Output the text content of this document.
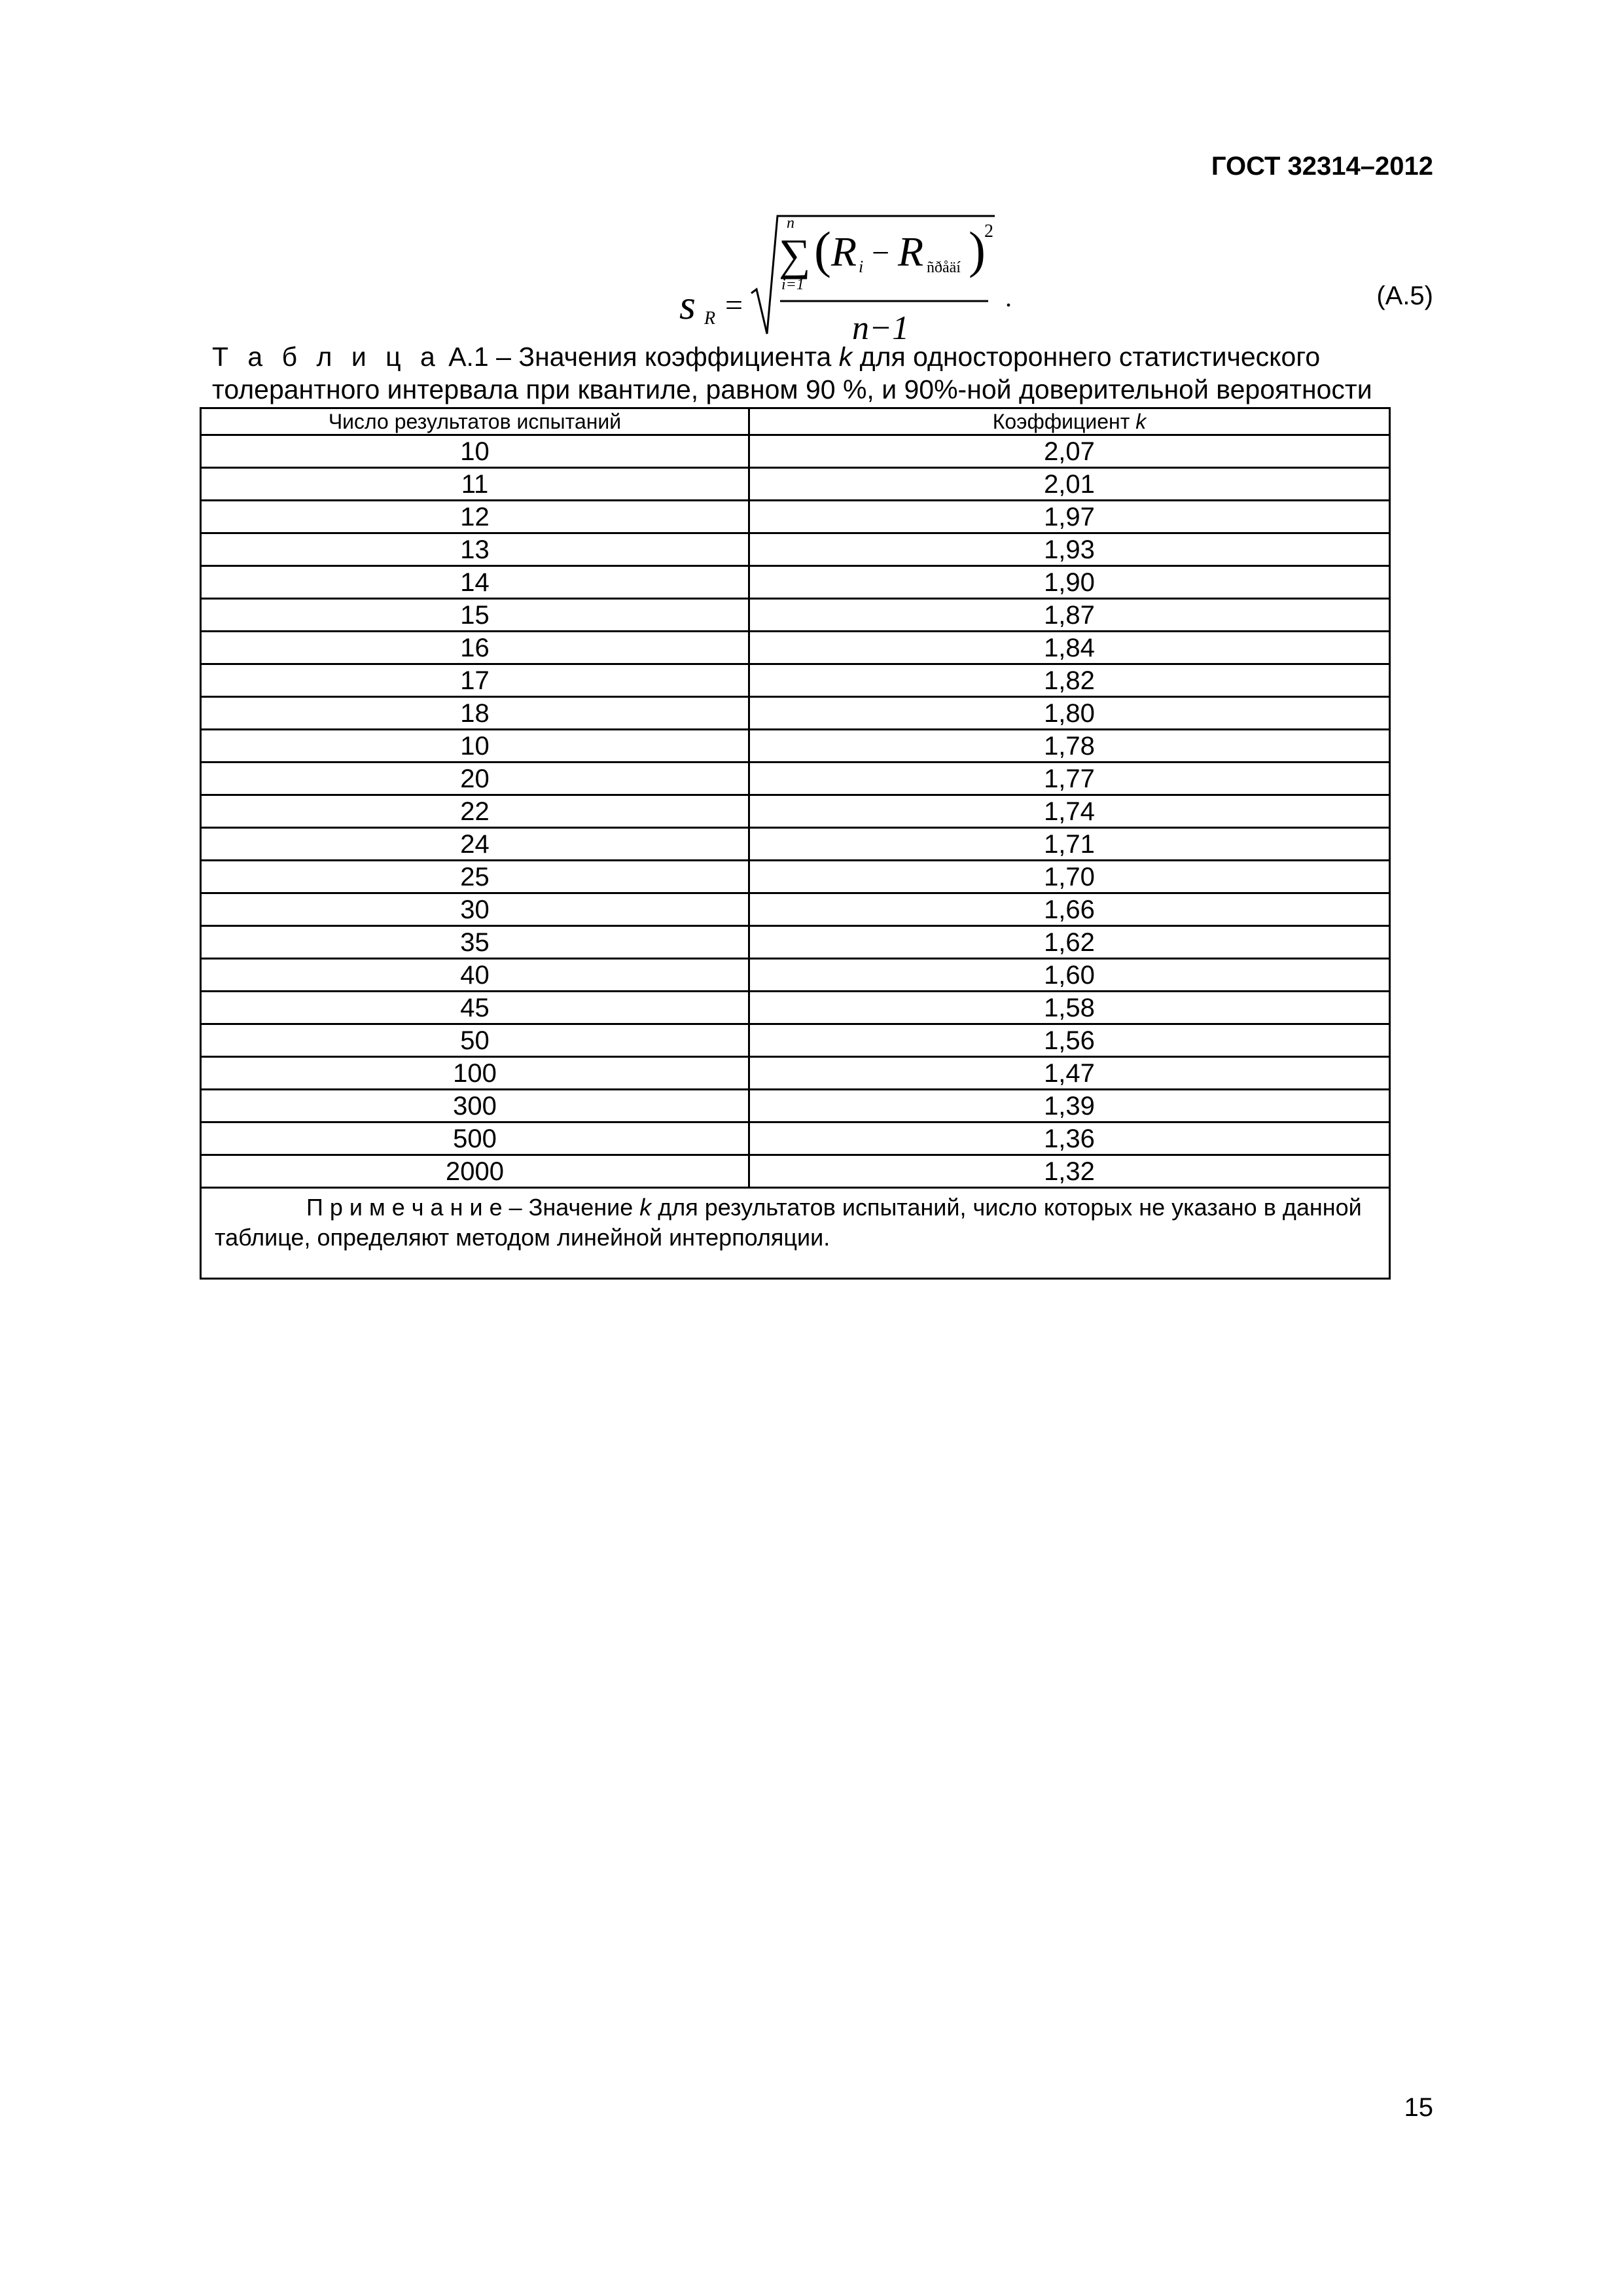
ГОСТ 32314–2012
s R =
n
∑
i=1
( R i − R ñðåäí )
2
n−1
.	(А.5)
Т а б л и ц а А.1 – Значения коэффициента k для одностороннего статистического толерантного интервала при квантиле, равном 90 %, и 90%-ной доверительной вероятности
Число результатов испытаний	Коэффициент k
10	2,07
11	2,01
12	1,97
13	1,93
14	1,90
15	1,87
16	1,84
17	1,82
18	1,80
10	1,78
20	1,77
22	1,74
24	1,71
25	1,70
30	1,66
35	1,62
40	1,60
45	1,58
50	1,56
100	1,47
300	1,39
500	1,36
2000	1,32
П р и м е ч а н и е – Значение k для результатов испытаний, число которых не указано в данной таблице, определяют методом линейной интерполяции.	
15
